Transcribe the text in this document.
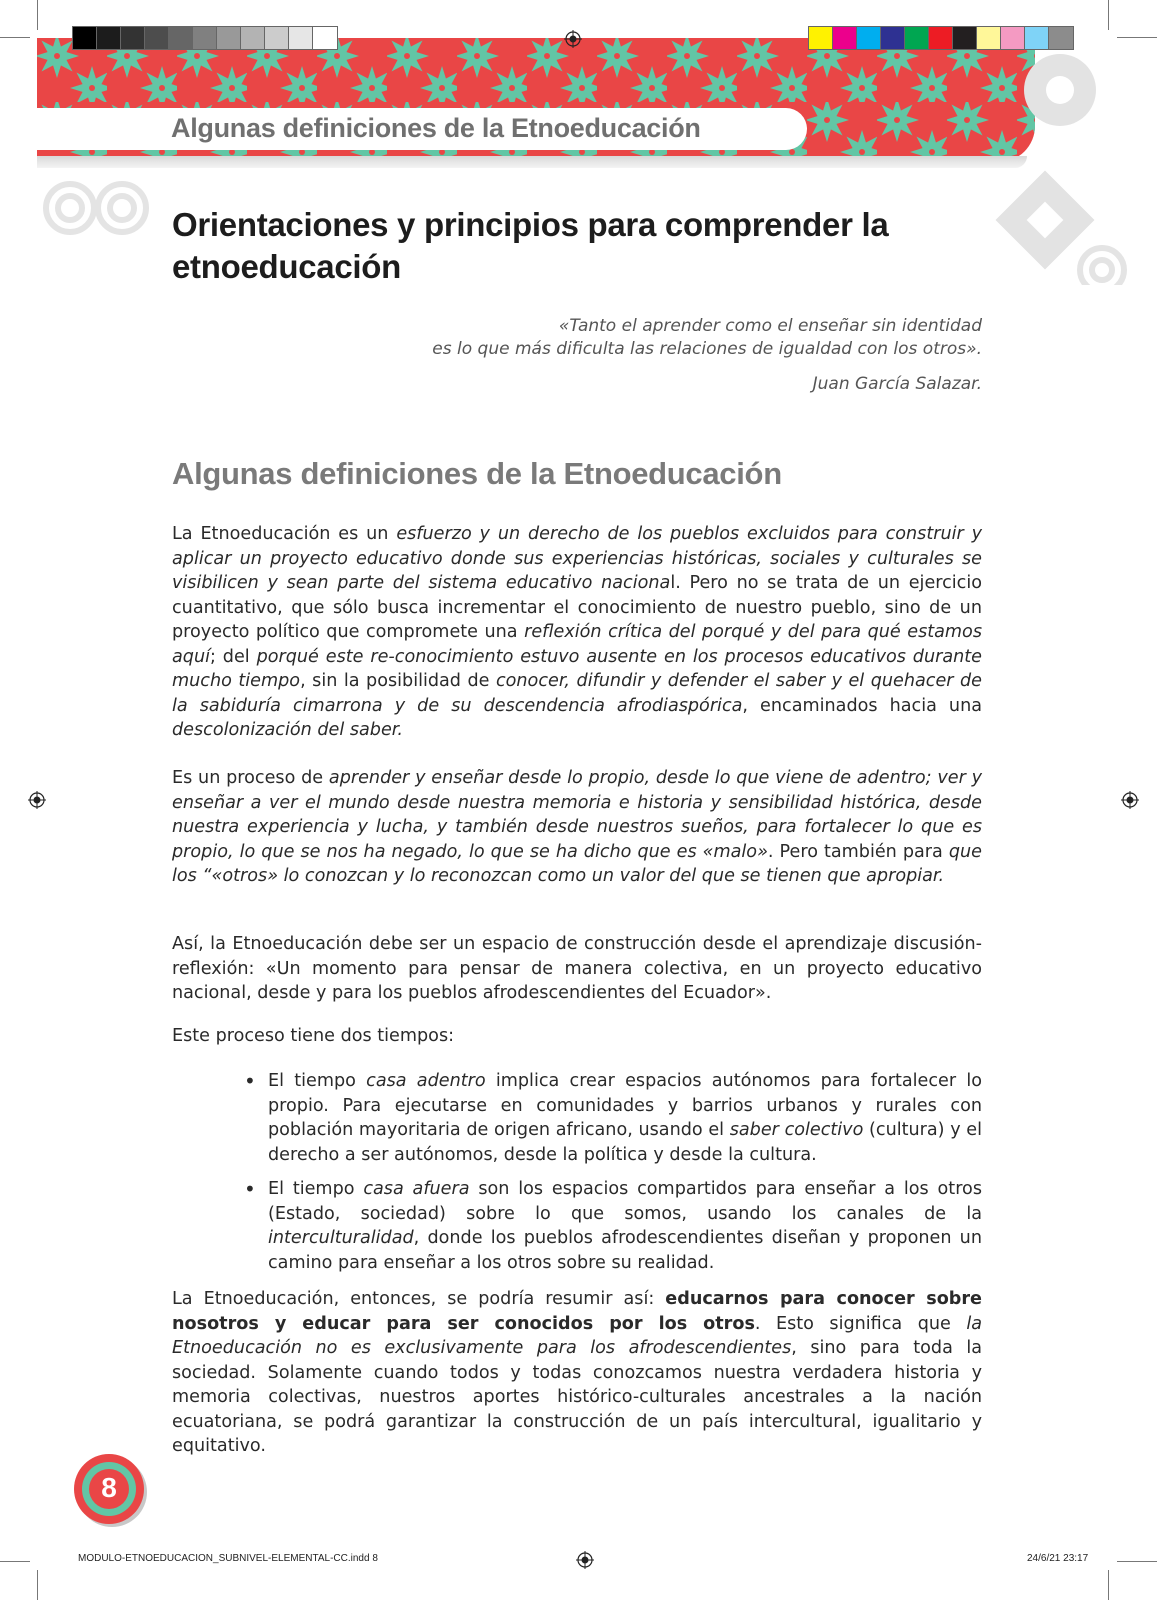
Algunas definiciones de la Etnoeducación
Orientaciones y principios para comprender la
etnoeducación
«Tanto el aprender como el enseñar sin identidad
es lo que más dificulta las relaciones de igualdad con los otros».
Juan García Salazar.
Algunas definiciones de la Etnoeducación

La Etnoeducación es un esfuerzo y un derecho de los pueblos excluidos para construir y aplicar un proyecto educativo donde sus experiencias históricas, sociales y culturales se visibilicen y sean parte del sistema educativo nacional. Pero no se trata de un ejercicio cuantitativo, que sólo busca incrementar el conocimiento de nuestro pueblo, sino de un proyecto político que compromete una reflexión crítica del porqué y del para qué estamos aquí; del porqué este re-conocimiento estuvo ausente en los procesos educativos durante mucho tiempo, sin la posibilidad de conocer, difundir y defender el saber y el quehacer de la sabiduría cimarrona y de su descendencia afrodiaspórica, encaminados hacia una descolonización del saber.

Es un proceso de aprender y enseñar desde lo propio, desde lo que viene de adentro; ver y enseñar a ver el mundo desde nuestra memoria e historia y sensibilidad histórica, desde nuestra experiencia y lucha, y también desde nuestros sueños, para fortalecer lo que es propio, lo que se nos ha negado, lo que se ha dicho que es «malo». Pero también para que los “«otros» lo conozcan y lo reconozcan como un valor del que se tienen que apropiar.

Así, la Etnoeducación debe ser un espacio de construcción desde el aprendizaje discusión-reflexión: «Un momento para pensar de manera colectiva, en un proyecto educativo nacional, desde y para los pueblos afrodescendientes del Ecuador».

Este proceso tiene dos tiempos:

• El tiempo casa adentro implica crear espacios autónomos para fortalecer lo propio. Para ejecutarse en comunidades y barrios urbanos y rurales con población mayoritaria de origen africano, usando el saber colectivo (cultura) y el derecho a ser autónomos, desde la política y desde la cultura.
• El tiempo casa afuera son los espacios compartidos para enseñar a los otros (Estado, sociedad) sobre lo que somos, usando los canales de la interculturalidad, donde los pueblos afrodescendientes diseñan y proponen un camino para enseñar a los otros sobre su realidad.

La Etnoeducación, entonces, se podría resumir así: educarnos para conocer sobre nosotros y educar para ser conocidos por los otros. Esto significa que la Etnoeducación no es exclusivamente para los afrodescendientes, sino para toda la sociedad. Solamente cuando todos y todas conozcamos nuestra verdadera historia y memoria colectivas, nuestros aportes histórico-culturales ancestrales a la nación ecuatoriana, se podrá garantizar la construcción de un país intercultural, igualitario y equitativo.

8
MODULO-ETNOEDUCACION_SUBNIVEL-ELEMENTAL-CC.indd 8	24/6/21 23:17
